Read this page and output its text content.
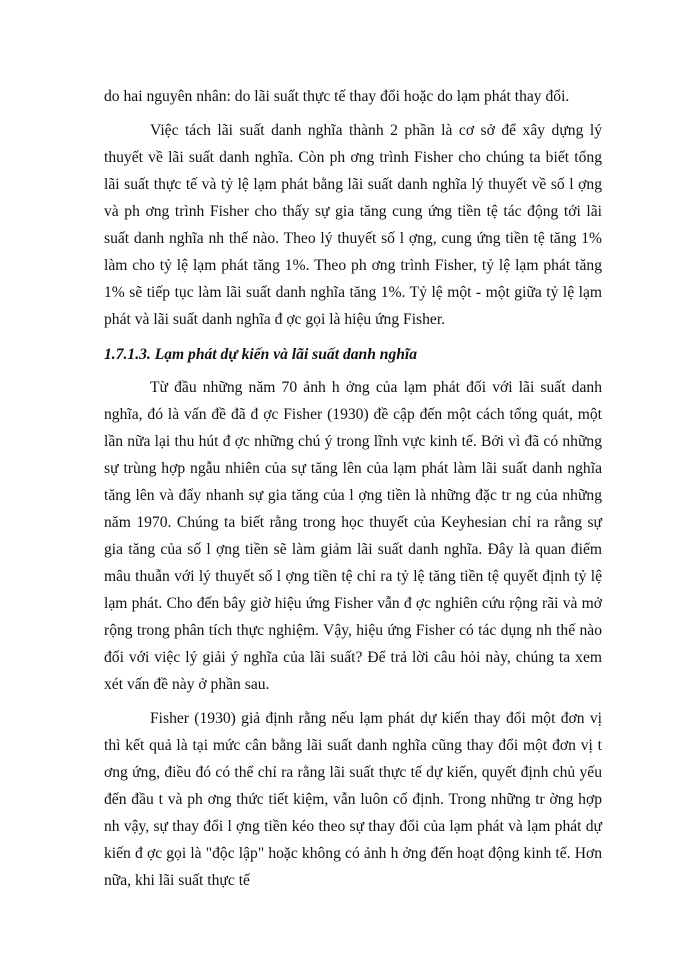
do hai nguyên nhân: do lãi suất thực tế thay đổi hoặc do lạm phát thay đổi.

Việc tách lãi suất danh nghĩa thành 2 phần là cơ sở để xây dựng lý thuyết về lãi suất danh nghĩa. Còn ph ơng trình Fisher cho chúng ta biết tổng lãi suất thực tế và tỷ lệ lạm phát bằng lãi suất danh nghĩa lý thuyết về số l ợng và ph ơng trình Fisher cho thấy sự gia tăng cung ứng tiền tệ tác động tới lãi suất danh nghĩa nh thế nào. Theo lý thuyết số l ợng, cung ứng tiền tệ tăng 1% làm cho tỷ lệ lạm phát tăng 1%. Theo ph ơng trình Fisher, tỷ lệ lạm phát tăng 1% sẽ tiếp tục làm lãi suất danh nghĩa tăng 1%. Tỷ lệ một - một giữa tỷ lệ lạm phát và lãi suất danh nghĩa đ ợc gọi là hiệu ứng Fisher.

1.7.1.3. Lạm phát dự kiến và lãi suất danh nghĩa

Từ đầu những năm 70 ảnh h ởng của lạm phát đối với lãi suất danh nghĩa, đó là vấn đề đã đ ợc Fisher (1930) đề cập đến một cách tổng quát, một lần nữa lại thu hút đ ợc những chú ý trong lĩnh vực kinh tế. Bởi vì đã có những sự trùng hợp ngẫu nhiên của sự tăng lên của lạm phát làm lãi suất danh nghĩa tăng lên và đẩy nhanh sự gia tăng của l ợng tiền là những đặc tr ng của những năm 1970. Chúng ta biết rằng trong học thuyết của Keyhesian chỉ ra rằng sự gia tăng của số l ợng tiền sẽ làm giảm lãi suất danh nghĩa. Đây là quan điểm mâu thuẫn với lý thuyết số l ợng tiền tệ chỉ ra tỷ lệ tăng tiền tệ quyết định tỷ lệ lạm phát. Cho đến bây giờ hiệu ứng Fisher vẫn đ ợc nghiên cứu rộng rãi và mở rộng trong phân tích thực nghiệm. Vậy, hiệu ứng Fisher có tác dụng nh thế nào đối với việc lý giải ý nghĩa của lãi suất? Để trả lời câu hỏi này, chúng ta xem xét vấn đề này ở phần sau.

Fisher (1930) giả định rằng nếu lạm phát dự kiến thay đổi một đơn vị thì kết quả là tại mức cân bằng lãi suất danh nghĩa cũng thay đổi một đơn vị t ơng ứng, điều đó có thể chỉ ra rằng lãi suất thực tế dự kiến, quyết định chủ yếu đến đầu t và ph ơng thức tiết kiệm, vẫn luôn cố định. Trong những tr ờng hợp nh vậy, sự thay đổi l ợng tiền kéo theo sự thay đổi của lạm phát và lạm phát dự kiến đ ợc gọi là "độc lập" hoặc không có ảnh h ởng đến hoạt động kinh tế. Hơn nữa, khi lãi suất thực tế
